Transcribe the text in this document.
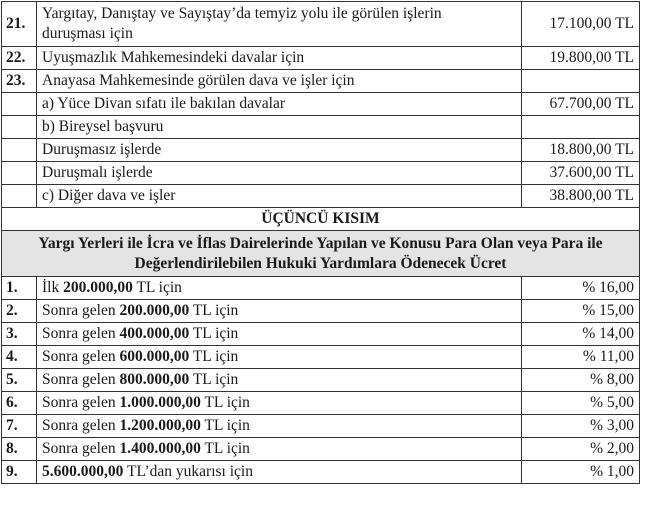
21.	Yargıtay, Danıştay ve Sayıştay’da temyiz yolu ile görülen işlerin
duruşması için	17.100,00 TL
22.	Uyuşmazlık Mahkemesindeki davalar için	19.800,00 TL
23.	Anayasa Mahkemesinde görülen dava ve işler için	
	a) Yüce Divan sıfatı ile bakılan davalar	67.700,00 TL
	b) Bireysel başvuru	
	Duruşmasız işlerde	18.800,00 TL
	Duruşmalı işlerde	37.600,00 TL
	c) Diğer dava ve işler	38.800,00 TL
ÜÇÜNCÜ KISIM		
Yargı Yerleri ile İcra ve İflas Dairelerinde Yapılan ve Konusu Para Olan veya Para ile
Değerlendirilebilen Hukuki Yardımlara Ödenecek Ücret		
1.	İlk 200.000,00 TL için	% 16,00
2.	Sonra gelen 200.000,00 TL için	% 15,00
3.	Sonra gelen 400.000,00 TL için	% 14,00
4.	Sonra gelen 600.000,00 TL için	% 11,00
5.	Sonra gelen 800.000,00 TL için	% 8,00
6.	Sonra gelen 1.000.000,00 TL için	% 5,00
7.	Sonra gelen 1.200.000,00 TL için	% 3,00
8.	Sonra gelen 1.400.000,00 TL için	% 2,00
9.	5.600.000,00 TL’dan yukarısı için	% 1,00
